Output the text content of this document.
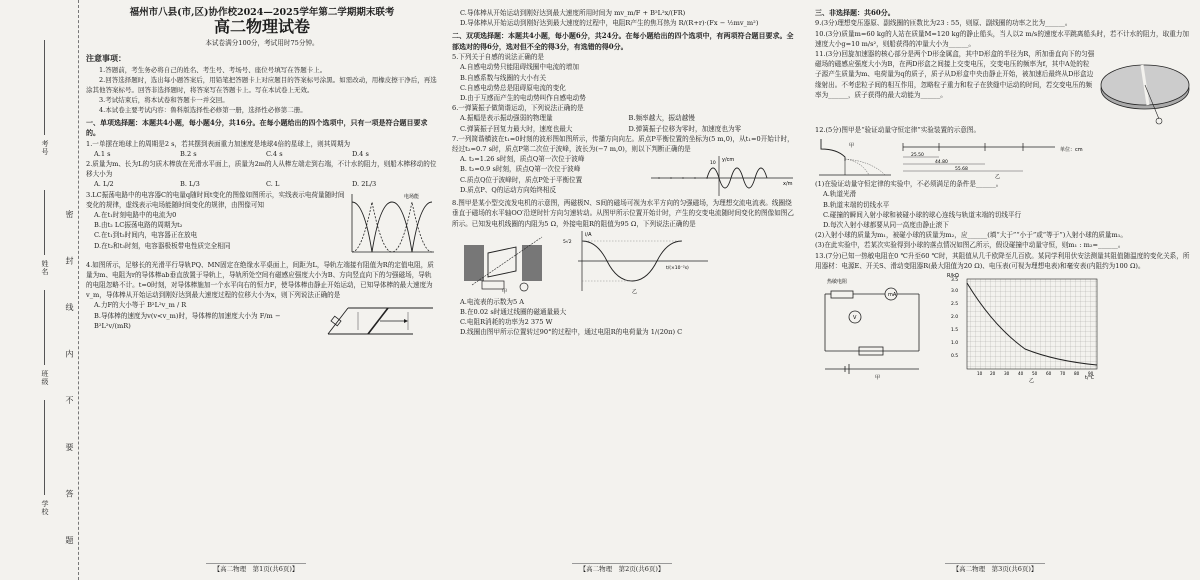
考号
姓名
班级
学校 密 封 线 内 不 要 答 题
福州市八县(市,区)协作校2024—2025学年第二学期期末联考
高二物理试卷
本试卷满分100分，考试用时75分钟。
注意事项：
1.答题前，考生务必将自己的姓名、考生号、考场号、座位号填写在答题卡上。
2.回答选择题时，选出每小题答案后，用铅笔把答题卡上对应题目的答案标号涂黑。如需改动，用橡皮擦干净后，再选涂其他答案标号。回答非选择题时，将答案写在答题卡上。写在本试卷上无效。
3.考试结束后，将本试卷和答题卡一并交回。
4.本试卷主要考试内容：鲁科版选择性必修第一册，选择性必修第二册。
一、单项选择题：本题共4小题，每小题4分，共16分。在每小题给出的四个选项中，只有一项是符合题目要求的。

1.一单摆在地球上的周期是2 s，若其摆到表面重力加速度是地球4倍的星球上，则其周期为

A.1 s	B.2 s	C.4 s	D.4 s

2.质量为m、长为L的匀质木棒放在光滑水平面上，质量为2m的人从棒左端走到右端，不计水的阻力，则船木棒移动的位移大小为

A. L/2	B. L/3	C. L	D. 2L/3

3.LC振荡电路中的电容器C的电量q随时间t变化的图像如图所示，实线表示电荷量随时间变化的规律，虚线表示电场能随时间变化的规律，由图像可知

A.在t₁时刻电路中的电流为0
B.由t₂ LC振荡电路的周期为t₂
C.在t₁到t₂时间内，电容器正在放电
D.在t₂和t₃时刻，电容器极板带电性质完全相同
电场能

4.如图所示，足够长的光滑平行导轨PQ、MN固定在绝缘水平桌面上，间距为L，导轨左端接有阻值为R的定值电阻，质量为m、电阻为r的导体棒ab垂直放置于导轨上，导轨所处空间有磁感应强度大小为B、方向竖直向下的匀强磁场，导轨的电阻忽略不计。t=0时刻，对导体棒施加一个水平向右的恒力F，使导体棒由静止开始运动，已知导体棒的最大速度为v_m，导体棒从开始运动到刚好达到最大速度过程的位移大小为x，则下列说法正确的是

A.力F的大小等于 B²L²v_m / R
B.导体棒的速度为v(v<v_m)时，导体棒的加速度大小为 F/m − B²L²v/(mR)
【高二物理　第1页(共6页)】
C.导体棒从开始运动到刚好达到最大速度所用时间为 mv_m/F + B²L²x/(FR)
D.导体棒从开始运动到刚好达到最大速度的过程中，电阻R产生的焦耳热为 R/(R+r)·(Fx − ½mv_m²)
二、双项选择题：本题共4小题，每小题6分，共24分。在每小题给出的四个选项中，有两项符合题目要求。全部选对的得6分，选对但不全的得3分，有选错的得0分。

5.下列关于自感的说法正确的是

A.自感电动势只能阻碍线圈中电流的增加
B.自感系数与线圈的大小有关
C.自感电动势总是阻碍原电流的变化
D.由于互感而产生的电动势叫作自感电动势

6.一弹簧振子做简谐运动，下列说法正确的是

A.振幅是表示振动强弱的物理量	B.频率越大，振动越慢
C.弹簧振子回复力最大时，速度也最大	D.弹簧振子位移为零时，加速度也为零

7.一列简谐横波在t₁=0时刻的波形图如图所示，传播方向向左。质点P平衡位置的坐标为(5 m,0)，从t₁=0开始计时，经过t₂=0.7 s时，质点P第二次位于波峰，波长为(−7 m,0)，则以下判断正确的是

A. t₂=1.26 s时刻，质点Q第一次位于波峰
B. t₂=0.9 s时刻，质点Q第一次位于波峰
C.质点Q位于波峰时，质点P处于平衡位置
D.质点P、Q的运动方向始终相反
y/cm
x/m
10

8.图甲是某小型交流发电机的示意图，两磁极N、S间的磁场可视为水平方向的匀强磁场，为理想交流电流表。线圈绕垂直于磁场的水平轴OO′沿逆时针方向匀速转动。从图甲所示位置开始计时，产生的交变电流随时间变化的图像如图乙所示。已知发电机线圈的内阻为5 Ω，外接电阻R的阻值为95 Ω，下列说法正确的是

甲
i/A
t/(×10⁻²s)
5√2
乙
A.电流表的示数为5 A
B.在0.02 s时通过线圈的磁通量最大
C.电阻R消耗的功率为2 375 W
D.线圈由图甲所示位置转过90°的过程中，通过电阻R的电荷量为 1/(20π) C
【高二物理　第2页(共6页)】
三、非选择题：共60分。

9.(3分)理想变压器原、副线圈的匝数比为23 : 55，则原、副线圈的功率之比为______。

10.(3分)质量m=60 kg的人站在质量M=120 kg的静止船头，当人以2 m/s的速度水平跳离船头时，若不计水的阻力，取重力加速度大小g=10 m/s²，则船获得的冲量大小为______。

11.(3分)回旋加速器的核心部分是两个D形金属盒，其中D形盒的半径为R，所加垂直向下的匀强磁场的磁感应强度大小为B，在两D形盒之间接上交变电压，交变电压的频率为f，其中A处的粒子源产生质量为m、电荷量为q的质子，质子从D形盒中央由静止开始，被加速后最终从D形盒边缘射出。不考虑粒子间的相互作用，忽略粒子重力和粒子在狭缝中运动的时间，若交变电压的频率为______，质子获得的最大动能为______。

12.(5分)图甲是“验证动量守恒定律”实验装置的示意图。

甲
25.50
44.80
55.68
单位：cm
乙

(1)在验证动量守恒定律的实验中，不必须满足的条件是______。

A.轨道光滑
B.轨道末端的切线水平
C.碰撞的瞬间入射小球和被碰小球的球心连线与轨道末端的切线平行
D.每次入射小球都要从同一高度由静止滚下

(2)入射小球的质量为m₁，被碰小球的质量为m₂，应______(填“大于”“小于”或“等于”)入射小球的质量m₁。

(3)在此实验中，若某次实验得到小球的落点情况如图乙所示，假设碰撞中动量守恒，则m₁ : m₂=______。

13.(7分)已知一热敏电阻在0 ℃升至60 ℃时，其阻值从几千欧降至几百欧。某同学利用伏安法测量其阻值随温度的变化关系，所用器材：电源E、开关S、滑动变阻器R(最大阻值为20 Ω)、电压表(可视为理想电表)和毫安表(内阻约为100 Ω)。

热敏电阻
mA
V
甲
R/kΩ
t/℃
0.5
1.0
1.5
2.0
2.5
3.0
3.5
10 20 30 40 50 60 70 80 90
乙
【高二物理　第3页(共6页)】
